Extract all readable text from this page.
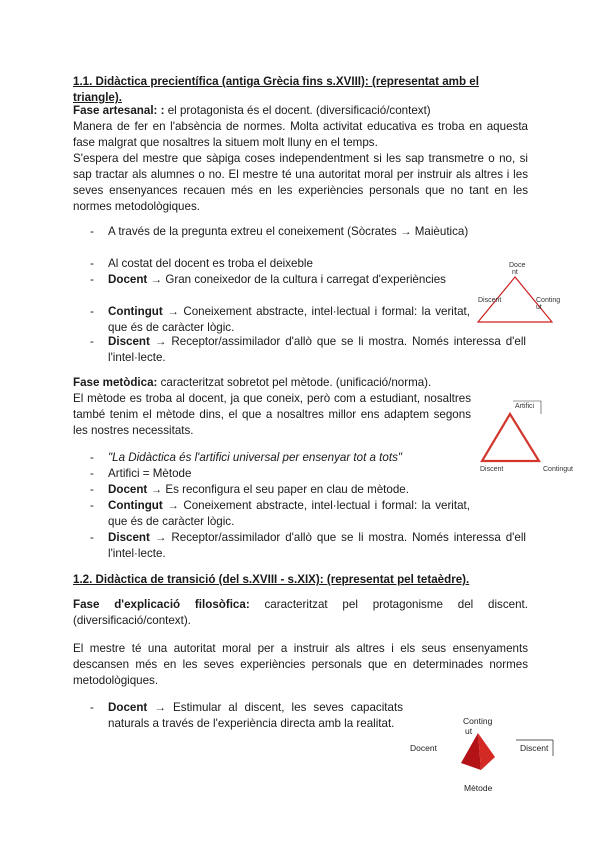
1.1. Didàctica precientífica (antiga Grècia fins s.XVIII): (representat amb el

triangle).

Fase artesanal: : el protagonista és el docent. (diversificació/context)

Manera de fer en l'absència de normes. Molta activitat educativa es troba en aquesta fase malgrat que nosaltres la situem molt lluny en el temps.

S'espera del mestre que sàpiga coses independentment si les sap transmetre o no, si sap tractar als alumnes o no. El mestre té una autoritat moral per instruir als altres i les seves ensenyances recauen més en les experiències personals que no tant en les normes metodològiques.

- A través de la pregunta extreu el coneixement (Sòcrates → Maièutica)

- Al costat del docent es troba el deixeble

- Docent → Gran coneixedor de la cultura i carregat d'experiències

- Contingut → Coneixement abstracte, intel·lectual i formal: la veritat, que és de caràcter lògic.

- Discent → Receptor/assimilador d'allò que se li mostra. Només interessa d'ell l'intel·lecte.

Doce
nt
Discent	Conting
ut

Fase metòdica: caracteritzat sobretot pel mètode. (unificació/norma).

El mètode es troba al docent, ja que coneix, però com a estudiant, nosaltres també tenim el mètode dins, el que a nosaltres millor ens adaptem segons les nostres necessitats.

- "La Didàctica és l'artifici universal per ensenyar tot a tots"

- Artifici = Mètode

- Docent → Es reconfigura el seu paper en clau de mètode.

- Contingut → Coneixement abstracte, intel·lectual i formal: la veritat, que és de caràcter lògic.

- Discent → Receptor/assimilador d'allò que se li mostra. Només interessa d'ell l'intel·lecte.

Artifici
Discent	Contingut

1.2. Didàctica de transició (del s.XVIII - s.XIX): (representat pel tetaèdre).

Fase d'explicació filosòfica: caracteritzat pel protagonisme del discent. (diversificació/context).

El mestre té una autoritat moral per a instruir als altres i els seus ensenyaments descansen més en les seves experiències personals que en determinades normes metodològiques.

- Docent → Estimular al discent, les seves capacitats naturals a través de l'experiència directa amb la realitat.	Conting
ut
Docent	Discent
Mètode
